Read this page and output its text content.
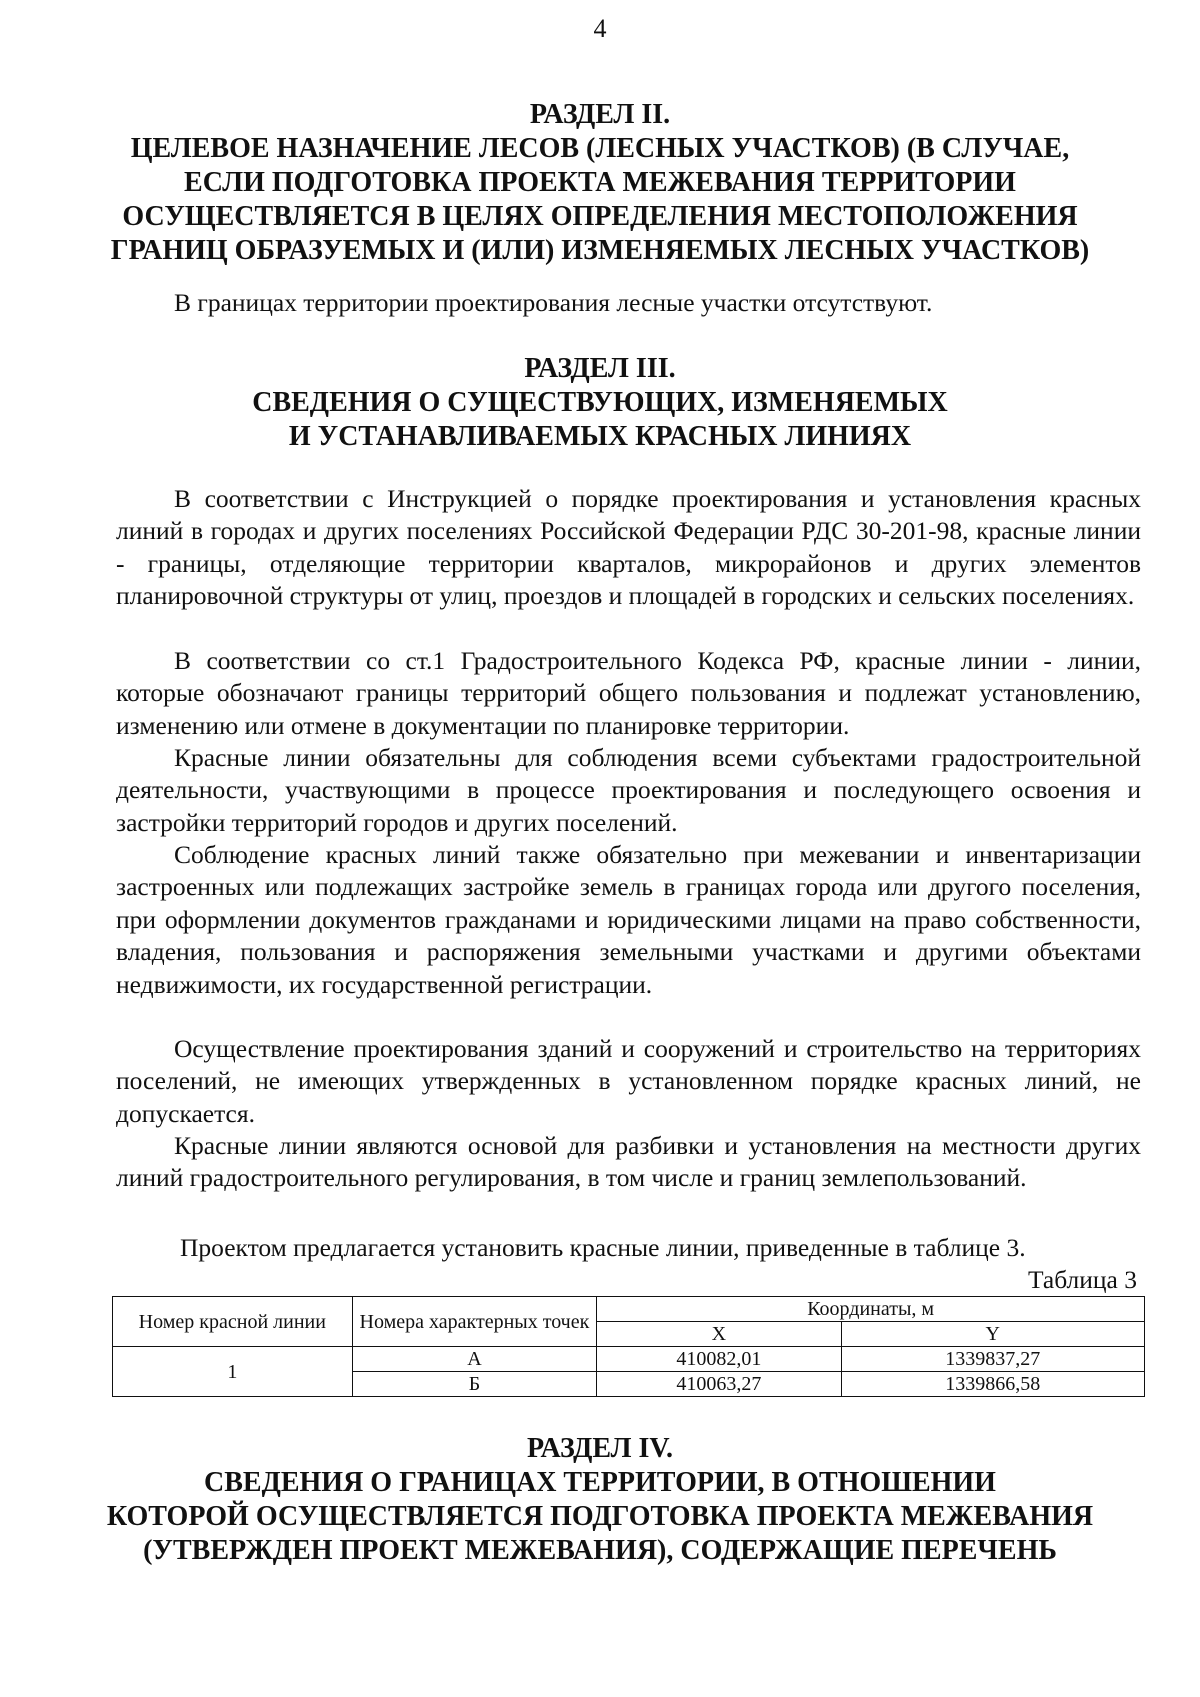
4
РАЗДЕЛ II.
ЦЕЛЕВОЕ НАЗНАЧЕНИЕ ЛЕСОВ (ЛЕСНЫХ УЧАСТКОВ) (В СЛУЧАЕ,
ЕСЛИ ПОДГОТОВКА ПРОЕКТА МЕЖЕВАНИЯ ТЕРРИТОРИИ
ОСУЩЕСТВЛЯЕТСЯ В ЦЕЛЯХ ОПРЕДЕЛЕНИЯ МЕСТОПОЛОЖЕНИЯ
ГРАНИЦ ОБРАЗУЕМЫХ И (ИЛИ) ИЗМЕНЯЕМЫХ ЛЕСНЫХ УЧАСТКОВ)
В границах территории проектирования лесные участки отсутствуют.
РАЗДЕЛ III.
СВЕДЕНИЯ О СУЩЕСТВУЮЩИХ, ИЗМЕНЯЕМЫХ
И УСТАНАВЛИВАЕМЫХ КРАСНЫХ ЛИНИЯХ
В соответствии с Инструкцией о порядке проектирования и установления красных линий в городах и других поселениях Российской Федерации РДС 30-201-98, красные линии - границы, отделяющие территории кварталов, микрорайонов и других элементов планировочной структуры от улиц, проездов и площадей в городских и сельских поселениях.
В соответствии со ст.1 Градостроительного Кодекса РФ, красные линии - линии, которые обозначают границы территорий общего пользования и подлежат установлению, изменению или отмене в документации по планировке территории.
Красные линии обязательны для соблюдения всеми субъектами градостроительной деятельности, участвующими в процессе проектирования и последующего освоения и застройки территорий городов и других поселений.
Соблюдение красных линий также обязательно при межевании и инвентаризации застроенных или подлежащих застройке земель в границах города или другого поселения, при оформлении документов гражданами и юридическими лицами на право собственности, владения, пользования и распоряжения земельными участками и другими объектами недвижимости, их государственной регистрации.
Осуществление проектирования зданий и сооружений и строительство на территориях поселений, не имеющих утвержденных в установленном порядке красных линий, не допускается.
Красные линии являются основой для разбивки и установления на местности других линий градостроительного регулирования, в том числе и границ землепользований.
Проектом предлагается установить красные линии, приведенные в таблице 3.
Таблица 3
Номер красной линии	Номера характерных точек	Координаты, м	
		X	Y
1	А	410082,01	1339837,27
	Б	410063,27	1339866,58
РАЗДЕЛ IV.
СВЕДЕНИЯ О ГРАНИЦАХ ТЕРРИТОРИИ, В ОТНОШЕНИИ
КОТОРОЙ ОСУЩЕСТВЛЯЕТСЯ ПОДГОТОВКА ПРОЕКТА МЕЖЕВАНИЯ
(УТВЕРЖДЕН ПРОЕКТ МЕЖЕВАНИЯ), СОДЕРЖАЩИЕ ПЕРЕЧЕНЬ
